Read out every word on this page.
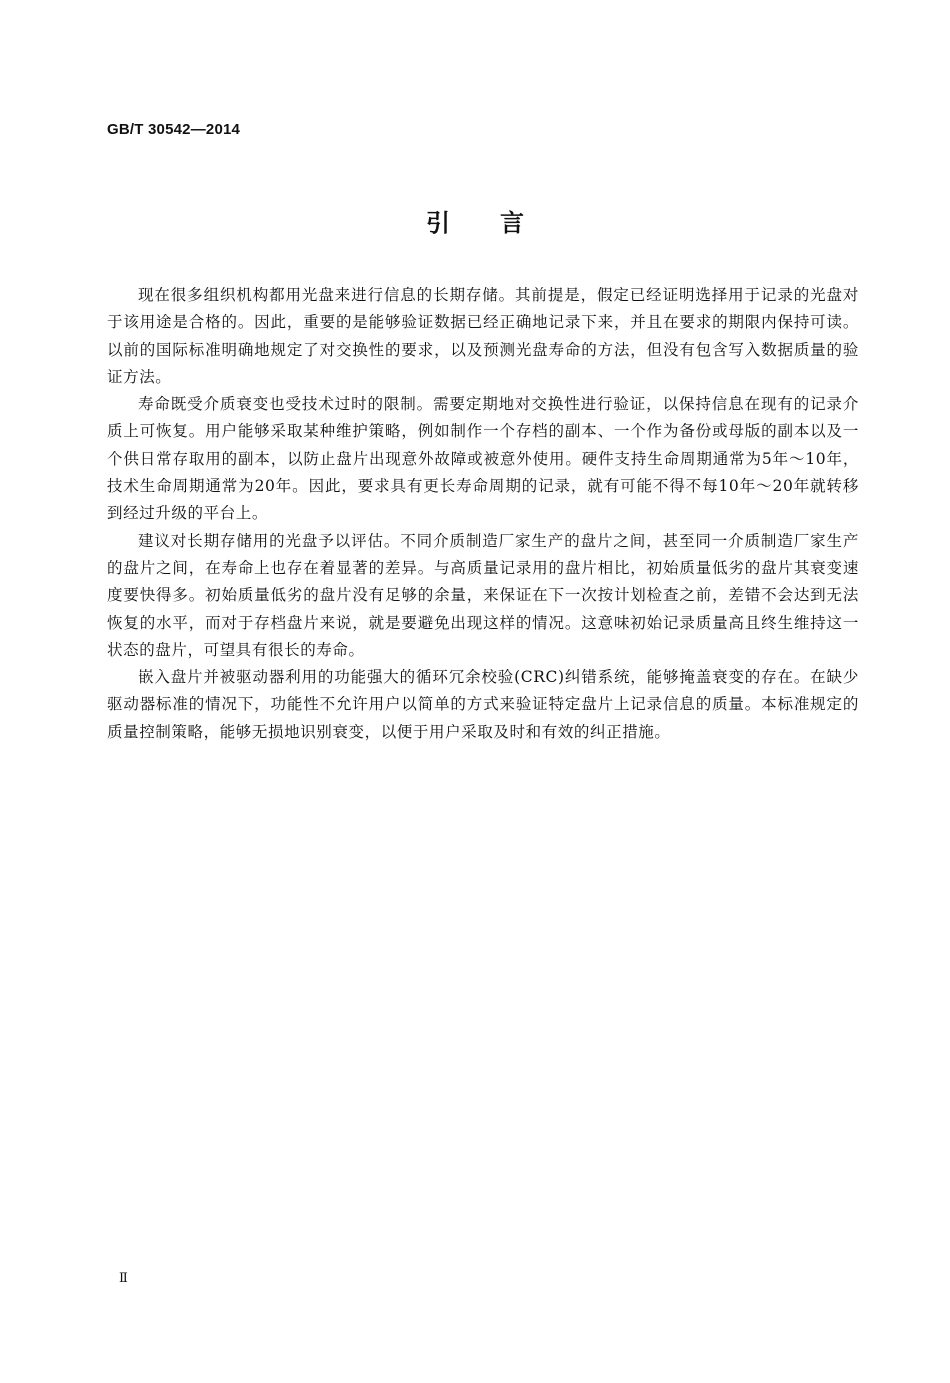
GB/T 30542—2014
引言

现在很多组织机构都用光盘来进行信息的长期存储。其前提是，假定已经证明选择用于记录的光盘对于该用途是合格的。因此，重要的是能够验证数据已经正确地记录下来，并且在要求的期限内保持可读。以前的国际标准明确地规定了对交换性的要求，以及预测光盘寿命的方法，但没有包含写入数据质量的验证方法。

寿命既受介质衰变也受技术过时的限制。需要定期地对交换性进行验证，以保持信息在现有的记录介质上可恢复。用户能够采取某种维护策略，例如制作一个存档的副本、一个作为备份或母版的副本以及一个供日常存取用的副本，以防止盘片出现意外故障或被意外使用。硬件支持生命周期通常为5年～10年，技术生命周期通常为20年。因此，要求具有更长寿命周期的记录，就有可能不得不每10年～20年就转移到经过升级的平台上。

建议对长期存储用的光盘予以评估。不同介质制造厂家生产的盘片之间，甚至同一介质制造厂家生产的盘片之间，在寿命上也存在着显著的差异。与高质量记录用的盘片相比，初始质量低劣的盘片其衰变速度要快得多。初始质量低劣的盘片没有足够的余量，来保证在下一次按计划检查之前，差错不会达到无法恢复的水平，而对于存档盘片来说，就是要避免出现这样的情况。这意味初始记录质量高且终生维持这一状态的盘片，可望具有很长的寿命。

嵌入盘片并被驱动器利用的功能强大的循环冗余校验(CRC)纠错系统，能够掩盖衰变的存在。在缺少驱动器标准的情况下，功能性不允许用户以简单的方式来验证特定盘片上记录信息的质量。本标准规定的质量控制策略，能够无损地识别衰变，以便于用户采取及时和有效的纠正措施。

Ⅱ
